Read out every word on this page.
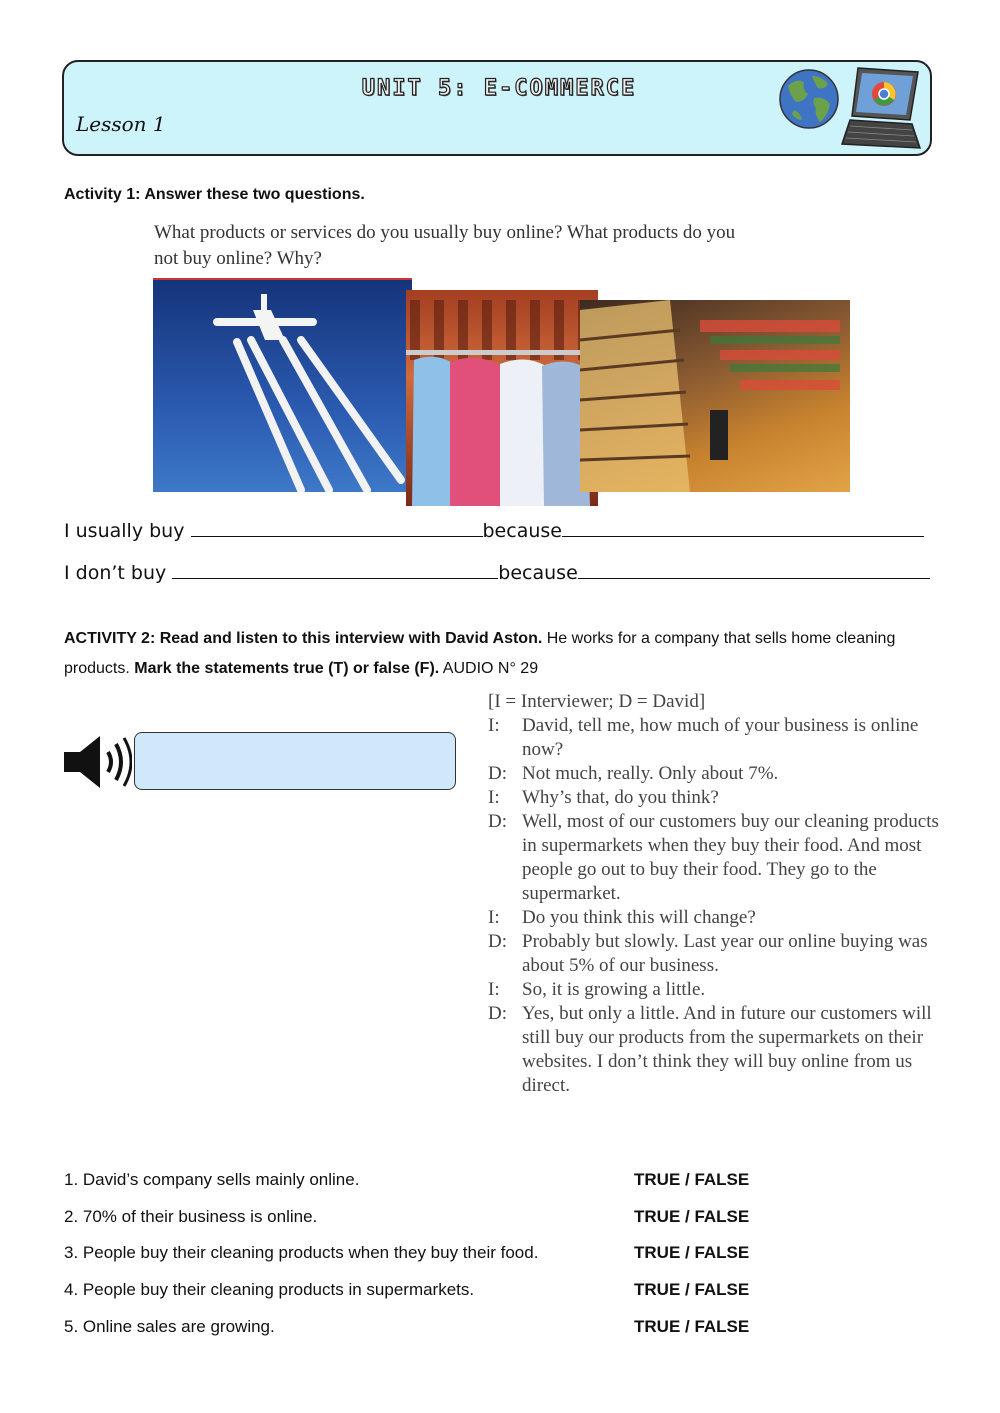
UNIT 5: E-COMMERCE
Lesson 1
Activity 1: Answer these two questions.
What products or services do you usually buy online? What products do you
not buy online? Why?
I usually buy	because
I don’t buy	because
ACTIVITY 2: Read and listen to this interview with David Aston. He works for a company that sells home cleaning products. Mark the statements true (T) or false (F). AUDIO N° 29
[I = Interviewer; D = David]
I:	David, tell me, how much of your business is online now?
D: Not much, really. Only about 7%.
I:	Why’s that, do you think?
D: Well, most of our customers buy our cleaning products in supermarkets when they buy their food. And most people go out to buy their food. They go to the supermarket.
I:	Do you think this will change?
D: Probably but slowly. Last year our online buying was about 5% of our business.
I:	So, it is growing a little.
D: Yes, but only a little. And in future our customers will still buy our products from the supermarkets on their websites. I don’t think they will buy online from us direct.
1. David’s company sells mainly online.	TRUE / FALSE
2. 70% of their business is online.	TRUE / FALSE
3. People buy their cleaning products when they buy their food.	TRUE / FALSE
4. People buy their cleaning products in supermarkets.	TRUE / FALSE
5. Online sales are growing.	TRUE / FALSE
